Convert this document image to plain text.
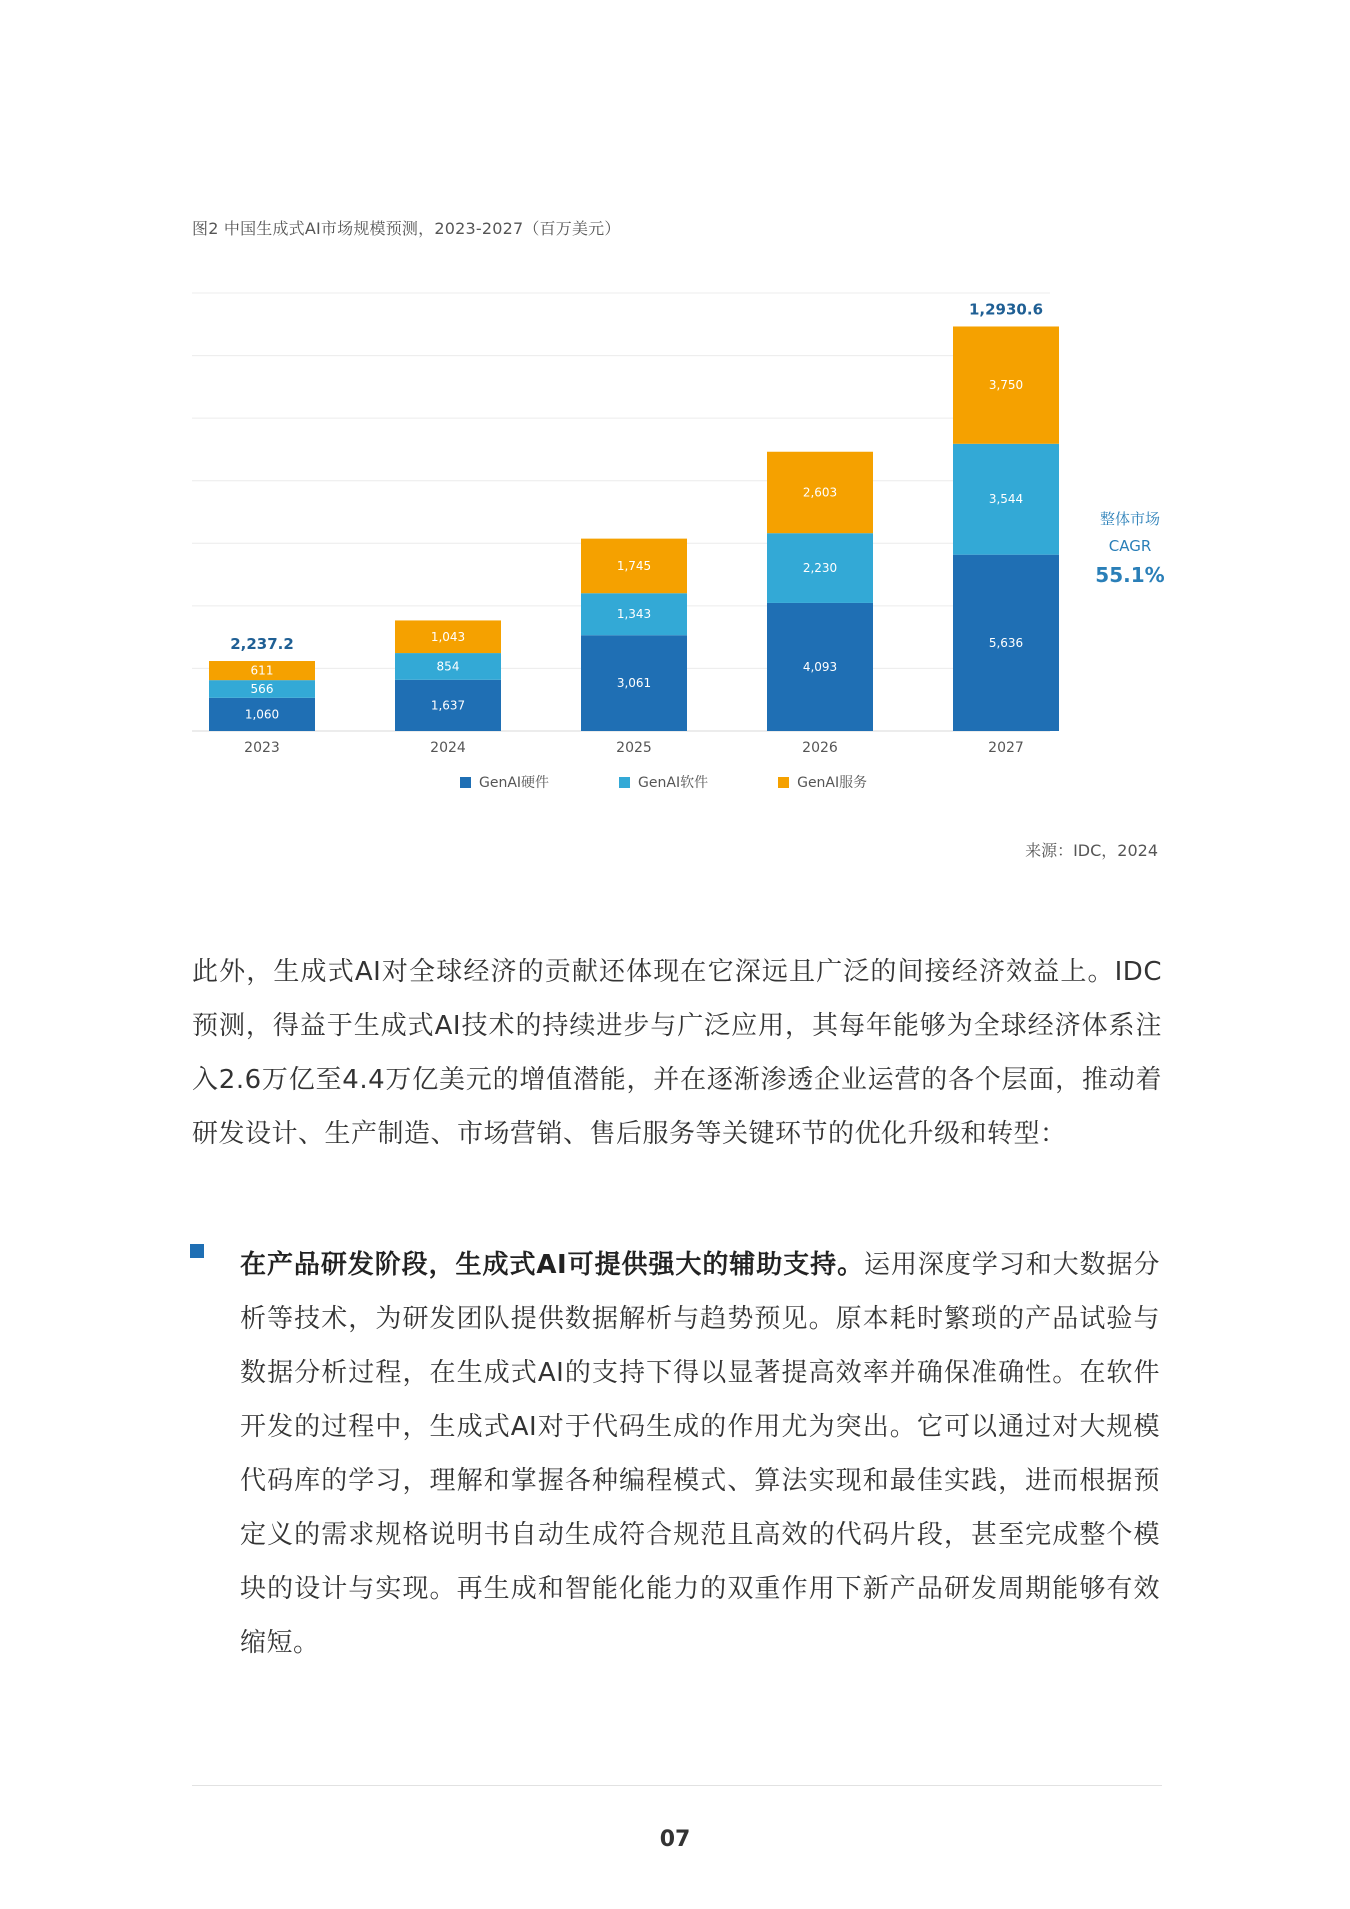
图2 中国生成式AI市场规模预测，2023-2027（百万美元）
1,060
566
611
2023
2,237.2
1,637
854
1,043
2024
3,061
1,343
1,745
2025
4,093
2,230
2,603
2026
5,636
3,544
3,750
2027
1,2930.6
GenAI硬件	GenAI软件	GenAI服务
整体市场
CAGR
55.1%
来源：IDC，2024
此外，生成式AI对全球经济的贡献还体现在它深远且广泛的间接经济效益上。IDC预测，得益于生成式AI技术的持续进步与广泛应用，其每年能够为全球经济体系注入2.6万亿至4.4万亿美元的增值潜能，并在逐渐渗透企业运营的各个层面，推动着研发设计、生产制造、市场营销、售后服务等关键环节的优化升级和转型：
在产品研发阶段，生成式AI可提供强大的辅助支持。运用深度学习和大数据分析等技术，为研发团队提供数据解析与趋势预见。原本耗时繁琐的产品试验与数据分析过程，在生成式AI的支持下得以显著提高效率并确保准确性。在软件开发的过程中，生成式AI对于代码生成的作用尤为突出。它可以通过对大规模代码库的学习，理解和掌握各种编程模式、算法实现和最佳实践，进而根据预定义的需求规格说明书自动生成符合规范且高效的代码片段，甚至完成整个模块的设计与实现。再生成和智能化能力的双重作用下新产品研发周期能够有效缩短。
07
